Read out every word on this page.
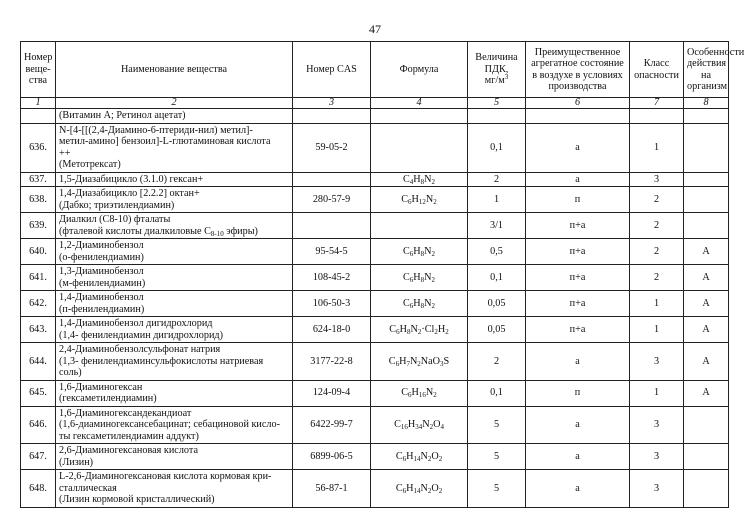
47
Номер веще-ства	Наименование вещества	Номер CAS	Формула	Величина
ПДК,
$мг/м^3$	Преимущественное агрегатное состояние в воздухе в условиях производства	Класс опасности	Особенности действия на организм
1	2	3	4	5	6	7	8
	(Витамин А; Ретинол ацетат)						
636.	N-[4-[[(2,4-Диамино-6-птериди-нил) метил]-
метил-амино] бензоил]-L-глютаминовая кислота
++
(Метотрексат)	59-05-2		0,1	а	1	
637.	1,5-Диазабицикло (3.1.0) гексан+		$C_4H_8N_2$	2	а	3	
638.	1,4-Диазабицикло [2.2.2] октан+
(Дабко; триэтилендиамин)	280-57-9	$C_6H_{12}N_2$	1	п	2	
639.	Диалкил (С8-10) фталаты
(фталевой кислоты диалкиловые $С_{8-10}$ эфиры)			3/1	п+а	2	
640.	1,2-Диаминобензол
(о-фенилендиамин)	95-54-5	$C_6H_8N_2$	0,5	п+а	2	А
641.	1,3-Диаминобензол
(м-фенилендиамин)	108-45-2	$C_6H_8N_2$	0,1	п+а	2	А
642.	1,4-Диаминобензол
(п-фенилендиамин)	106-50-3	$C_6H_8N_2$	0,05	п+а	1	А
643.	1,4-Диаминобензол дигидрохлорид
(1,4- фенилендиамин дигидрохлорид)	624-18-0	$C_6H_8N_2\cdot Cl_2H_2$	0,05	п+а	1	А
644.	2,4-Диаминобензолсульфонат натрия
(1,3- фенилендиаминсульфокислоты натриевая
соль)	3177-22-8	$C_6H_7N_2NaO_3S$	2	а	3	А
645.	1,6-Диаминогексан
(гексаметилендиамин)	124-09-4	$C_6H_{16}N_2$	0,1	п	1	А
646.	1,6-Диаминогександекандиоат
(1,6-диаминогексансебацинат; себациновой кисло-
ты гексаметилендиамин аддукт)	6422-99-7	$C_{16}H_{34}N_2O_4$	5	а	3	
647.	2,6-Диаминогексановая кислота
(Лизин)	6899-06-5	$C_6H_{14}N_2O_2$	5	а	3	
648.	L-2,6-Диаминогексановая кислота кормовая кри-
сталлическая
(Лизин кормовой кристаллический)	56-87-1	$C_6H_{14}N_2O_2$	5	а	3	
